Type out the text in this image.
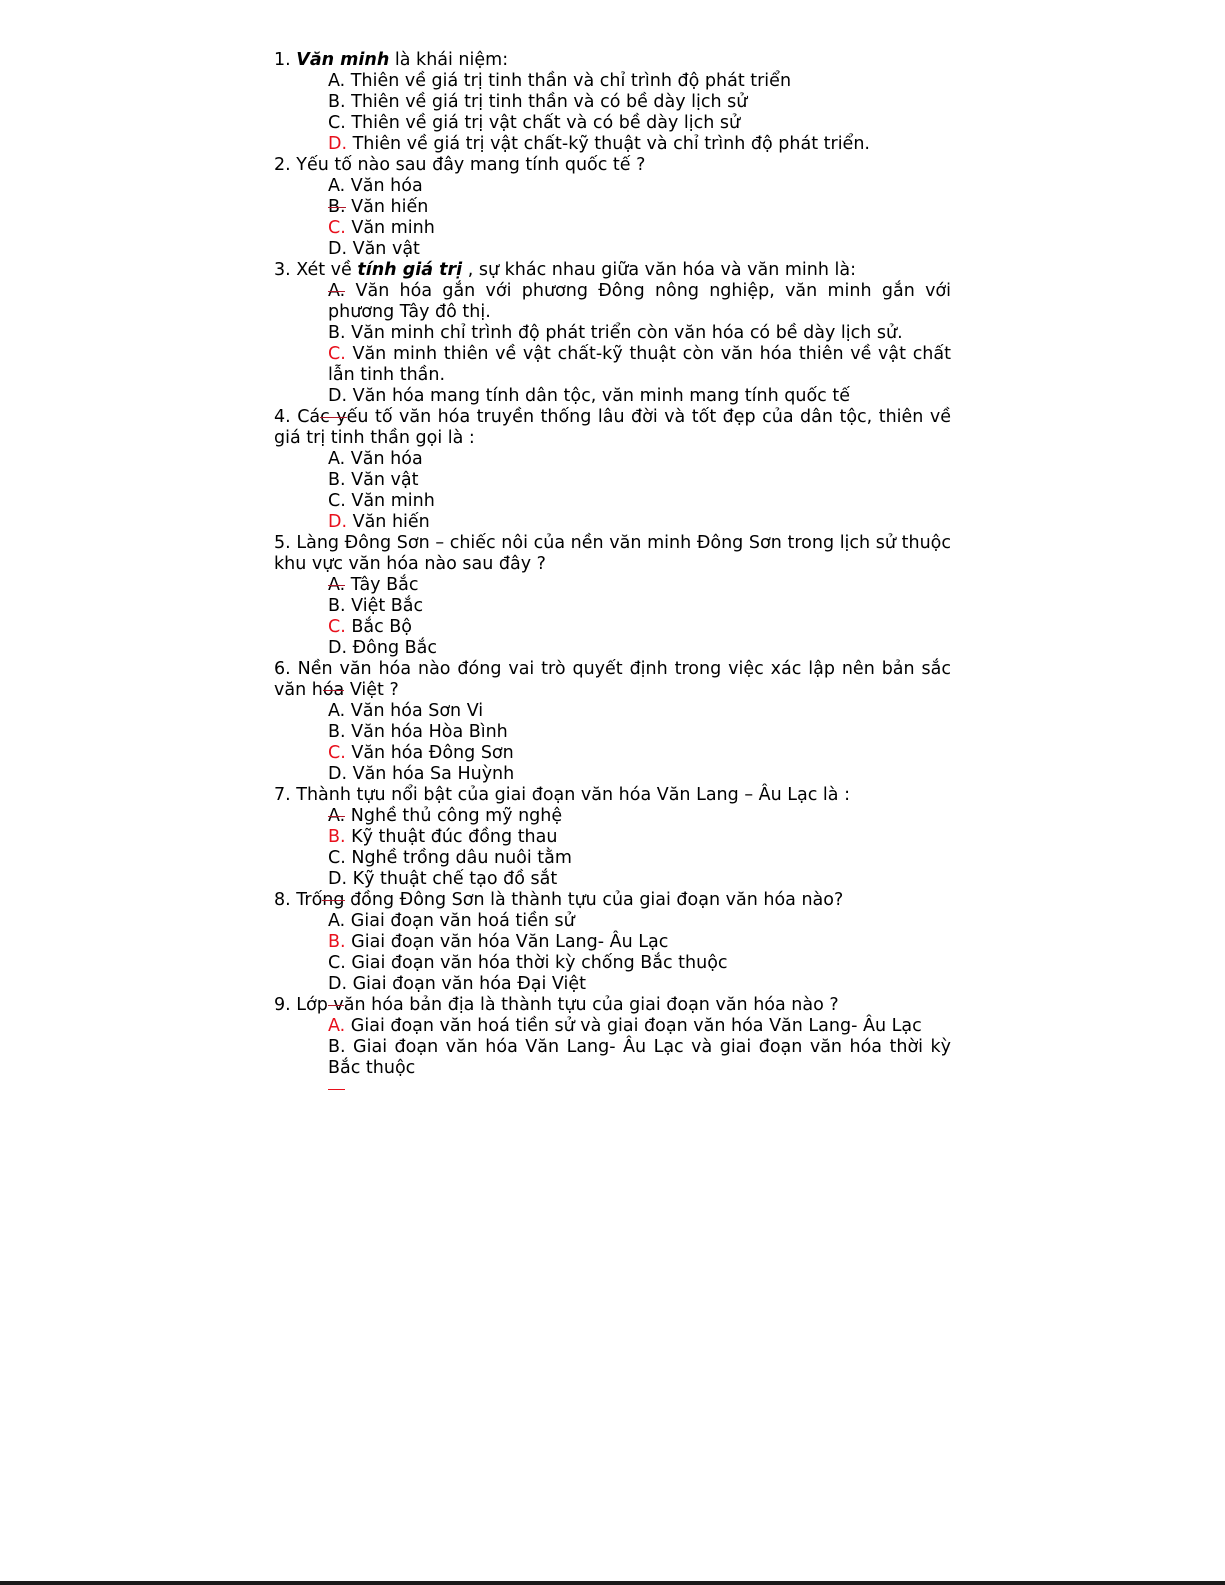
1. Văn minh là khái niệm:

A. Thiên về giá trị tinh thần và chỉ trình độ phát triển

B. Thiên về giá trị tinh thần và có bề dày lịch sử

C. Thiên về giá trị vật chất và có bề dày lịch sử

D. Thiên về giá trị vật chất-kỹ thuật và chỉ trình độ phát triển.

2. Yếu tố nào sau đây mang tính quốc tế ?

A. Văn hóa

B. Văn hiến

C. Văn minh

D. Văn vật

3. Xét về tính giá trị , sự khác nhau giữa văn hóa và văn minh là:

A. Văn hóa gắn với phương Đông nông nghiệp, văn minh gắn với phương Tây đô thị.

B. Văn minh chỉ trình độ phát triển còn văn hóa có bề dày lịch sử.

C. Văn minh thiên về vật chất-kỹ thuật còn văn hóa thiên về vật chất lẫn tinh thần.

D. Văn hóa mang tính dân tộc, văn minh mang tính quốc tế

4. Các yếu tố văn hóa truyền thống lâu đời và tốt đẹp của dân tộc, thiên về giá trị tinh thần gọi là :

A. Văn hóa

B. Văn vật

C. Văn minh

D. Văn hiến

5. Làng Đông Sơn – chiếc nôi của nền văn minh Đông Sơn trong lịch sử thuộc khu vực văn hóa nào sau đây ?

A. Tây Bắc

B. Việt Bắc

C. Bắc Bộ

D. Đông Bắc

6. Nền văn hóa nào đóng vai trò quyết định trong việc xác lập nên bản sắc văn hóa Việt ?

A. Văn hóa Sơn Vi

B. Văn hóa Hòa Bình

C. Văn hóa Đông Sơn

D. Văn hóa Sa Huỳnh

7. Thành tựu nổi bật của giai đoạn văn hóa Văn Lang – Âu Lạc là :

A. Nghề thủ công mỹ nghệ

B. Kỹ thuật đúc đồng thau

C. Nghề trồng dâu nuôi tằm

D. Kỹ thuật chế tạo đồ sắt

8. Trống đồng Đông Sơn là thành tựu của giai đoạn văn hóa nào?

A. Giai đoạn văn hoá tiền sử

B. Giai đoạn văn hóa Văn Lang- Âu Lạc

C. Giai đoạn văn hóa thời kỳ chống Bắc thuộc

D. Giai đoạn văn hóa Đại Việt

9. Lớp văn hóa bản địa là thành tựu của giai đoạn văn hóa nào ?

A. Giai đoạn văn hoá tiền sử và giai đoạn văn hóa Văn Lang- Âu Lạc

B. Giai đoạn văn hóa Văn Lang- Âu Lạc và giai đoạn văn hóa thời kỳ Bắc thuộc
